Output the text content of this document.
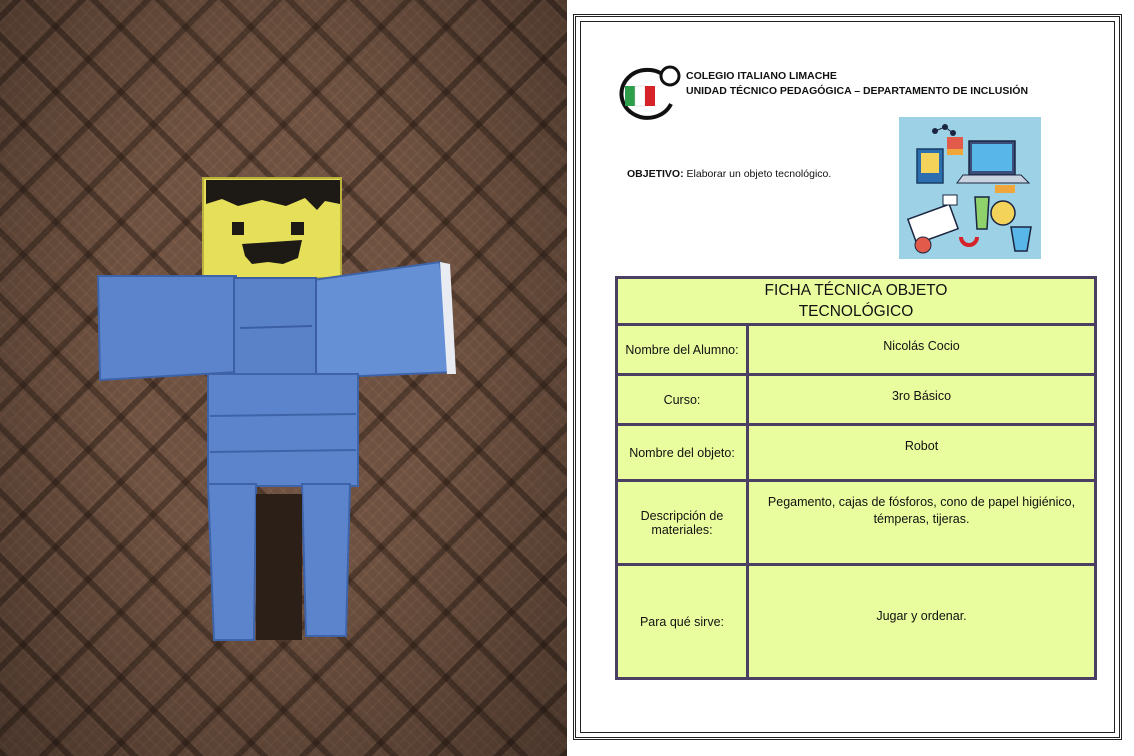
COLEGIO ITALIANO LIMACHE
UNIDAD TÉCNICO PEDAGÓGICA – DEPARTAMENTO DE INCLUSIÓN
OBJETIVO: Elaborar un objeto tecnológico.
FICHA TÉCNICA OBJETO
TECNOLÓGICO	

Nombre del Alumno:	Nicolás Cocio
Curso:	3ro Básico
Nombre del objeto:	Robot
Descripción de materiales:	Pegamento, cajas de fósforos, cono de papel higiénico, témperas, tijeras.
Para qué sirve:	Jugar y ordenar.
